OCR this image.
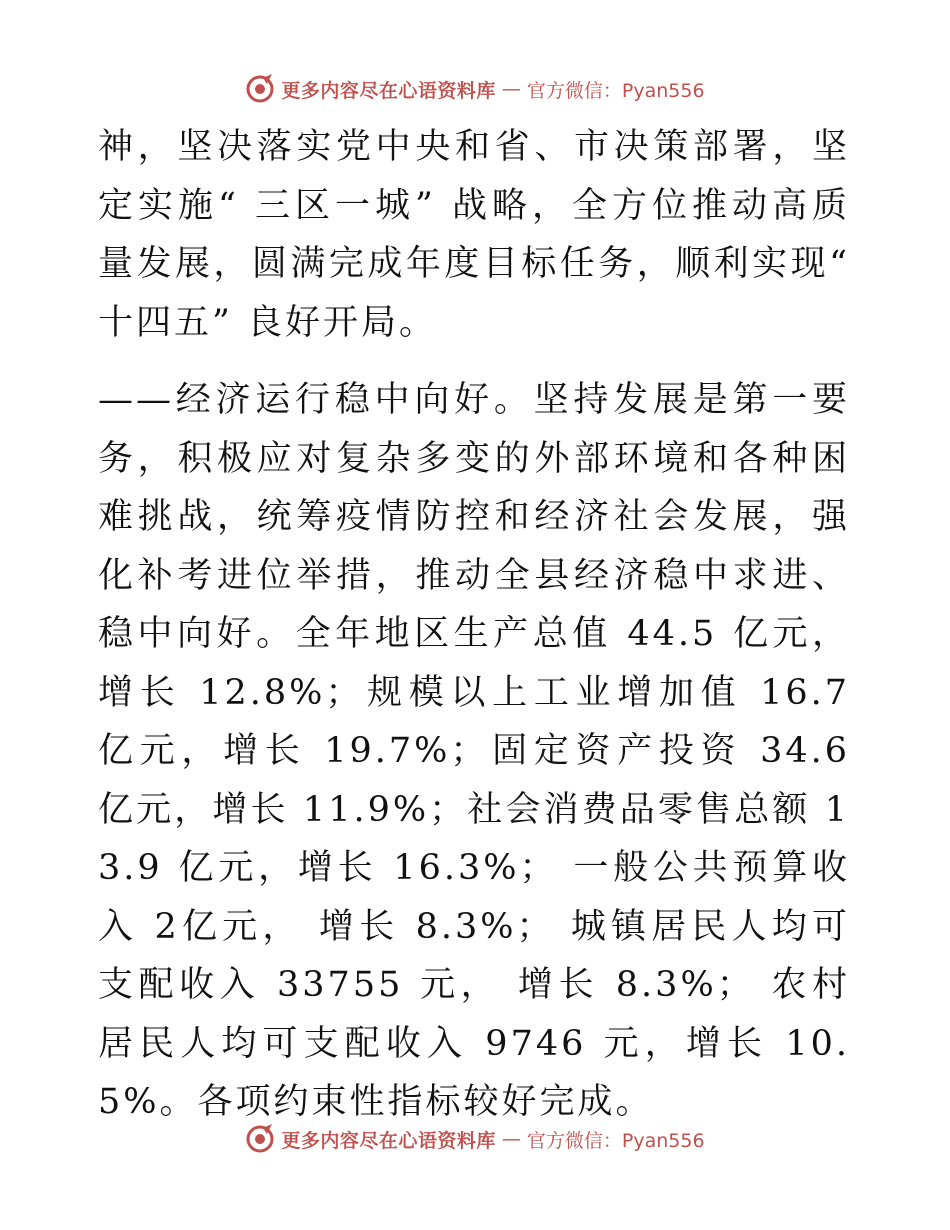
更多内容尽在心语资料库 — 官方微信：Pyan556

神，坚决落实党中央和省、市决策部署，坚定实施“ 三区一城” 战略，全方位推动高质量发展，圆满完成年度目标任务，顺利实现“ 十四五” 良好开局。

——经济运行稳中向好。坚持发展是第一要务，积极应对复杂多变的外部环境和各种困难挑战，统筹疫情防控和经济社会发展，强化补考进位举措，推动全县经济稳中求进、稳中向好。全年地区生产总值 44.5 亿元，增长 12.8%；规模以上工业增加值 16.7 亿元，增长 19.7%；固定资产投资 34.6 亿元，增长 11.9%；社会消费品零售总额 13.9 亿元，增长 16.3%； 一般公共预算收入 2亿元， 增长 8.3%； 城镇居民人均可支配收入 33755 元， 增长 8.3%； 农村居民人均可支配收入 9746 元，增长 10.5%。各项约束性指标较好完成。

更多内容尽在心语资料库 — 官方微信：Pyan556
